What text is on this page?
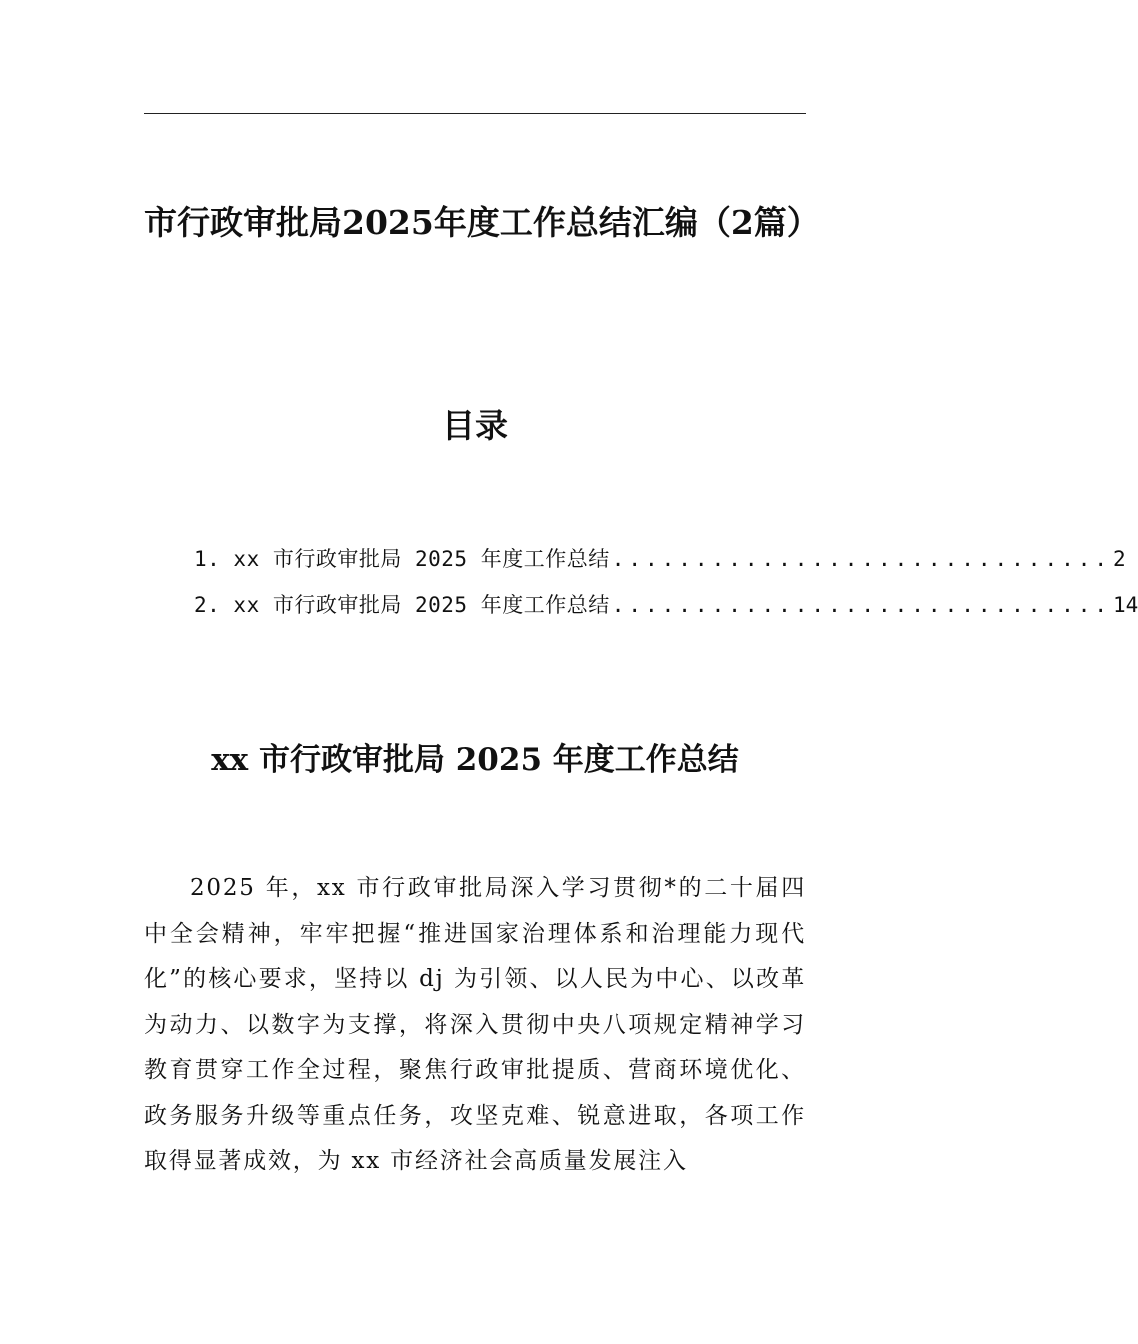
市行政审批局2025年度工作总结汇编（2篇）
目录
1. xx 市行政审批局 2025 年度工作总结 .............................. 2
2. xx 市行政审批局 2025 年度工作总结 .............................. 14
xx 市行政审批局 2025 年度工作总结

2025 年，xx 市行政审批局深入学习贯彻*的二十届四中全会精神，牢牢把握“推进国家治理体系和治理能力现代化”的核心要求，坚持以 dj 为引领、以人民为中心、以改革为动力、以数字为支撑，将深入贯彻中央八项规定精神学习教育贯穿工作全过程，聚焦行政审批提质、营商环境优化、政务服务升级等重点任务，攻坚克难、锐意进取，各项工作取得显著成效，为 xx 市经济社会高质量发展注入
